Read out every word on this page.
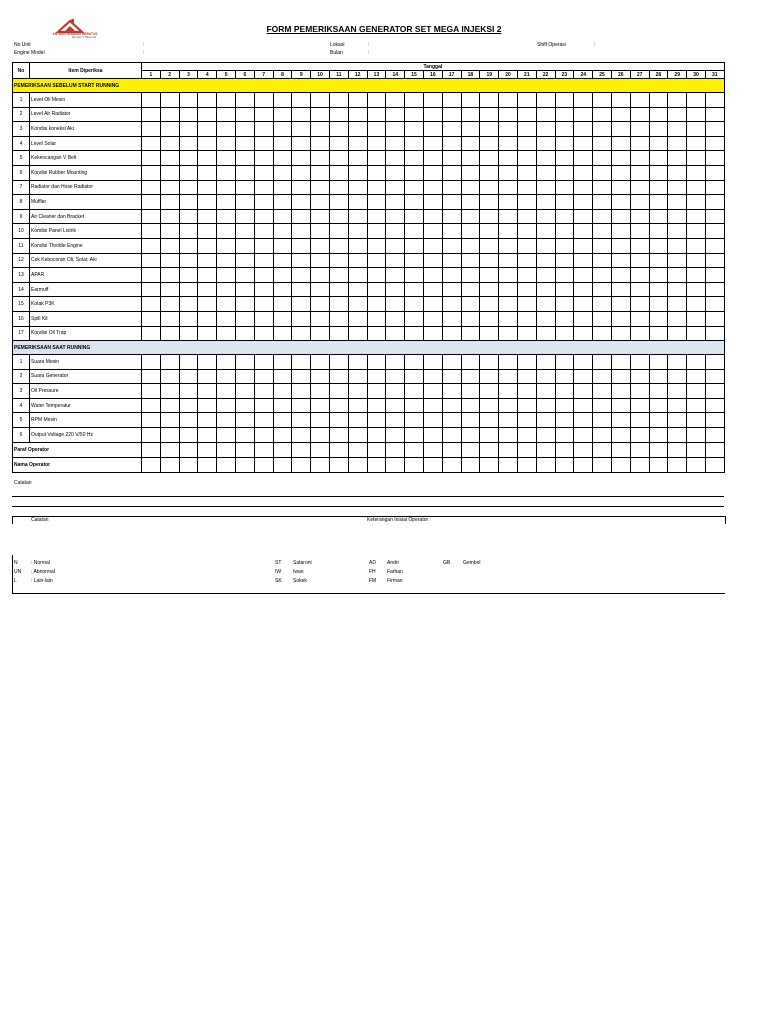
ANTANG GUNUNG MERATUS
Member of Baramulti
FORM PEMERIKSAAN GENERATOR SET MEGA INJEKSI 2
No Unit	:
Engine Model	:
Lokasi	:
Bulan	:
Shift Operasi	:
No	Item Diperiksa	Tanggal																														
		1	2	3	4	5	6	7	8	9	10	11	12	13	14	15	16	17	18	19	20	21	22	23	24	25	26	27	28	29	30	31
PEMERIKSAAN SEBELUM START RUNNING																																
1	Level Oli Mesin																															
2	Level Air Radiator																															
3	Kondisi koneksi Aki																															
4	Level Solar																															
5	Kekencangan V Belt																															
6	Kondisi Rubber Mounting																															
7	Radiator dan Hose Radiator																															
8	Muffler																															
9	Air Cleaner dan Bracket																															
10	Kondisi Panel Listrik																															
11	Kondisi Throttle Engine																															
12	Cek Kebocoran Oli, Solar, Aki																															
13	APAR																															
14	Earmuff																															
15	Kotak P3K																															
16	Spill Kit																															
17	Kondisi Oil Trap																															
PEMERIKSAAN SAAT RUNNING																																
1	Suara Mesin																															
2	Suara Generator																															
3	Oil Pressure																															
4	Water Temperatur																															
5	RPM Mesin																															
6	Output Voltage 220 V/50 Hz																															
Paraf Operator																																
Nama Operator																																
Catatan
Catatan	Keterangan Inisial Operator :
N	: Normal
UN : Abnormal
L	: Lain-lain
ST Sataroni
IW Iwan
SK Sokek
AD Andri
FH Farhan
FM Firman
GB	Gembol
